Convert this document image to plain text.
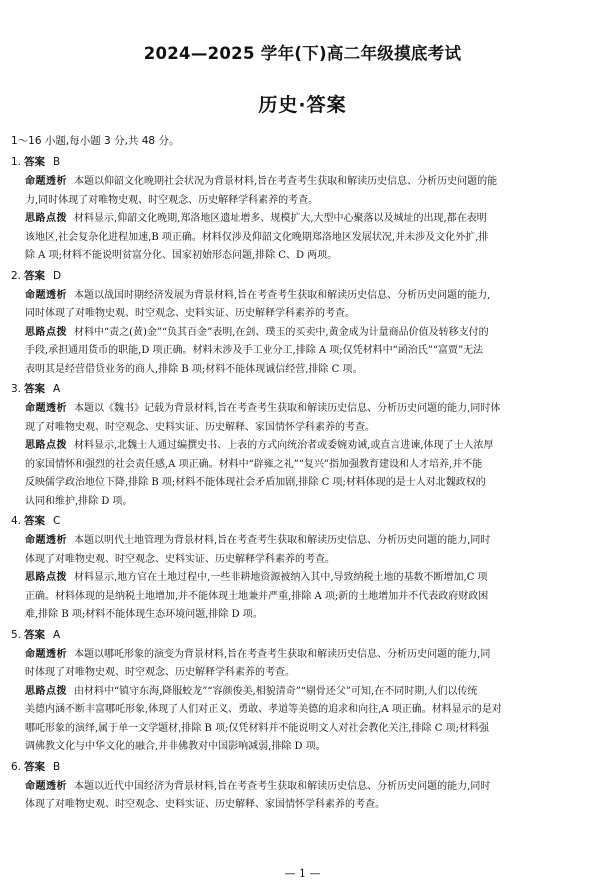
2024—2025 学年(下)高二年级摸底考试
历史·答案
1～16 小题,每小题 3 分,共 48 分。
1. 答案 B
命题透析 本题以仰韶文化晚期社会状况为背景材料,旨在考查考生获取和解读历史信息、分析历史问题的能
力,同时体现了对唯物史观、时空观念、历史解释学科素养的考查。
思路点拨 材料显示,仰韶文化晚期,郑洛地区遗址增多、规模扩大,大型中心聚落以及城址的出现,都在表明
该地区,社会复杂化进程加速,B 项正确。材料仅涉及仰韶文化晚期郑洛地区发展状况,并未涉及文化外扩,排
除 A 项;材料不能说明贫富分化、国家初始形态问题,排除 C、D 两项。
2. 答案 D
命题透析 本题以战国时期经济发展为背景材料,旨在考查考生获取和解读历史信息、分析历史问题的能力,
同时体现了对唯物史观、时空观念、史料实证、历史解释学科素养的考查。
思路点拨 材料中“责之(黄)金”“负其百金”表明,在剑、璞玉的买卖中,黄金成为计量商品价值及转移支付的
手段,承担通用货币的职能,D 项正确。材料未涉及手工业分工,排除 A 项;仅凭材料中“函治氏”“富贾”无法
表明其是经营借贷业务的商人,排除 B 项;材料不能体现诚信经营,排除 C 项。
3. 答案 A
命题透析 本题以《魏书》记载为背景材料,旨在考查考生获取和解读历史信息、分析历史问题的能力,同时体
现了对唯物史观、时空观念、史料实证、历史解释、家国情怀学科素养的考查。
思路点拨 材料显示,北魏士人通过编撰史书、上表的方式向统治者或委婉劝诫,或直言进谏,体现了士人浓厚
的家国情怀和强烈的社会责任感,A 项正确。材料中“辟雍之礼”“复兴”指加强教育建设和人才培养,并不能
反映儒学政治地位下降,排除 B 项;材料不能体现社会矛盾加剧,排除 C 项;材料体现的是士人对北魏政权的
认同和维护,排除 D 项。
4. 答案 C
命题透析 本题以明代土地管理为背景材料,旨在考查考生获取和解读历史信息、分析历史问题的能力,同时
体现了对唯物史观、时空观念、史料实证、历史解释学科素养的考查。
思路点拨 材料显示,地方官在土地过程中,一些非耕地资源被纳入其中,导致纳税土地的基数不断增加,C 项
正确。材料体现的是纳税土地增加,并不能体现土地兼并严重,排除 A 项;新的土地增加并不代表政府财政困
难,排除 B 项;材料不能体现生态环境问题,排除 D 项。
5. 答案 A
命题透析 本题以哪吒形象的演变为背景材料,旨在考查考生获取和解读历史信息、分析历史问题的能力,同
时体现了对唯物史观、时空观念、历史解释学科素养的考查。
思路点拨 由材料中“镇守东海,降服蛟龙”“容颜俊美,相貌清奇”“剔骨还父”可知,在不同时期,人们以传统
美德内涵不断丰富哪吒形象,体现了人们对正义、勇敢、孝道等美德的追求和向往,A 项正确。材料显示的是对
哪吒形象的演绎,属于单一文学题材,排除 B 项;仅凭材料并不能说明文人对社会教化关注,排除 C 项;材料强
调佛教文化与中华文化的融合,并非佛教对中国影响减弱,排除 D 项。
6. 答案 B
命题透析 本题以近代中国经济为背景材料,旨在考查考生获取和解读历史信息、分析历史问题的能力,同时
体现了对唯物史观、时空观念、史料实证、历史解释、家国情怀学科素养的考查。
— 1 —
